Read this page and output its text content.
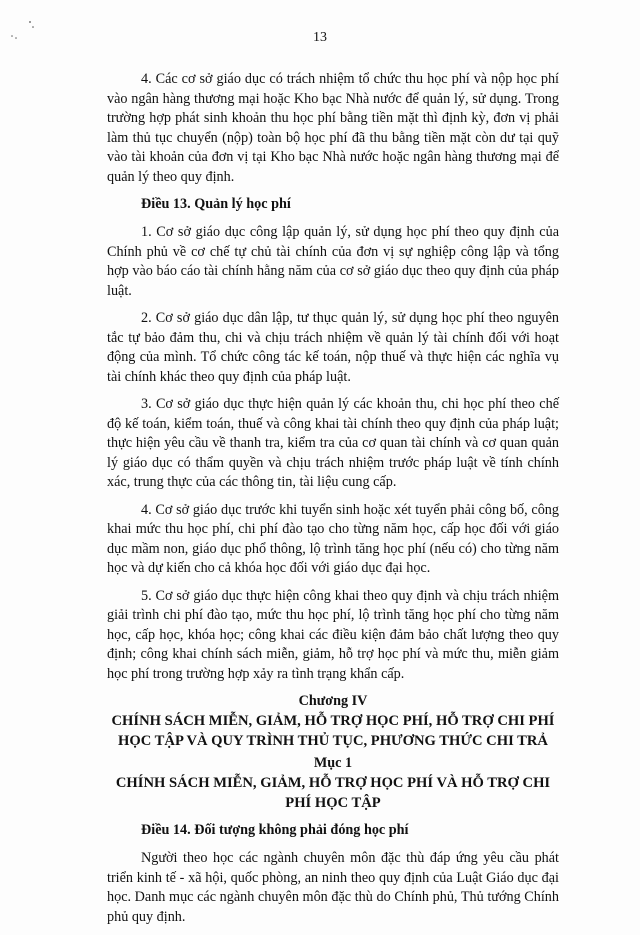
13

4. Các cơ sở giáo dục có trách nhiệm tổ chức thu học phí và nộp học phí vào ngân hàng thương mại hoặc Kho bạc Nhà nước để quản lý, sử dụng. Trong trường hợp phát sinh khoản thu học phí bằng tiền mặt thì định kỳ, đơn vị phải làm thủ tục chuyển (nộp) toàn bộ học phí đã thu bằng tiền mặt còn dư tại quỹ vào tài khoản của đơn vị tại Kho bạc Nhà nước hoặc ngân hàng thương mại để quản lý theo quy định.

Điều 13. Quản lý học phí

1. Cơ sở giáo dục công lập quản lý, sử dụng học phí theo quy định của Chính phủ về cơ chế tự chủ tài chính của đơn vị sự nghiệp công lập và tổng hợp vào báo cáo tài chính hằng năm của cơ sở giáo dục theo quy định của pháp luật.

2. Cơ sở giáo dục dân lập, tư thục quản lý, sử dụng học phí theo nguyên tắc tự bảo đảm thu, chi và chịu trách nhiệm về quản lý tài chính đối với hoạt động của mình. Tổ chức công tác kế toán, nộp thuế và thực hiện các nghĩa vụ tài chính khác theo quy định của pháp luật.

3. Cơ sở giáo dục thực hiện quản lý các khoản thu, chi học phí theo chế độ kế toán, kiểm toán, thuế và công khai tài chính theo quy định của pháp luật; thực hiện yêu cầu về thanh tra, kiểm tra của cơ quan tài chính và cơ quan quản lý giáo dục có thẩm quyền và chịu trách nhiệm trước pháp luật về tính chính xác, trung thực của các thông tin, tài liệu cung cấp.

4. Cơ sở giáo dục trước khi tuyển sinh hoặc xét tuyển phải công bố, công khai mức thu học phí, chi phí đào tạo cho từng năm học, cấp học đối với giáo dục mầm non, giáo dục phổ thông, lộ trình tăng học phí (nếu có) cho từng năm học và dự kiến cho cả khóa học đối với giáo dục đại học.

5. Cơ sở giáo dục thực hiện công khai theo quy định và chịu trách nhiệm giải trình chi phí đào tạo, mức thu học phí, lộ trình tăng học phí cho từng năm học, cấp học, khóa học; công khai các điều kiện đảm bảo chất lượng theo quy định; công khai chính sách miễn, giảm, hỗ trợ học phí và mức thu, miễn giảm học phí trong trường hợp xảy ra tình trạng khẩn cấp.

Chương IV
CHÍNH SÁCH MIỄN, GIẢM, HỖ TRỢ HỌC PHÍ, HỖ TRỢ CHI PHÍ HỌC TẬP VÀ QUY TRÌNH THỦ TỤC, PHƯƠNG THỨC CHI TRẢ
Mục 1
CHÍNH SÁCH MIỄN, GIẢM, HỖ TRỢ HỌC PHÍ VÀ HỖ TRỢ CHI PHÍ HỌC TẬP
Điều 14. Đối tượng không phải đóng học phí

Người theo học các ngành chuyên môn đặc thù đáp ứng yêu cầu phát triển kinh tế - xã hội, quốc phòng, an ninh theo quy định của Luật Giáo dục đại học. Danh mục các ngành chuyên môn đặc thù do Chính phủ, Thủ tướng Chính phủ quy định.
